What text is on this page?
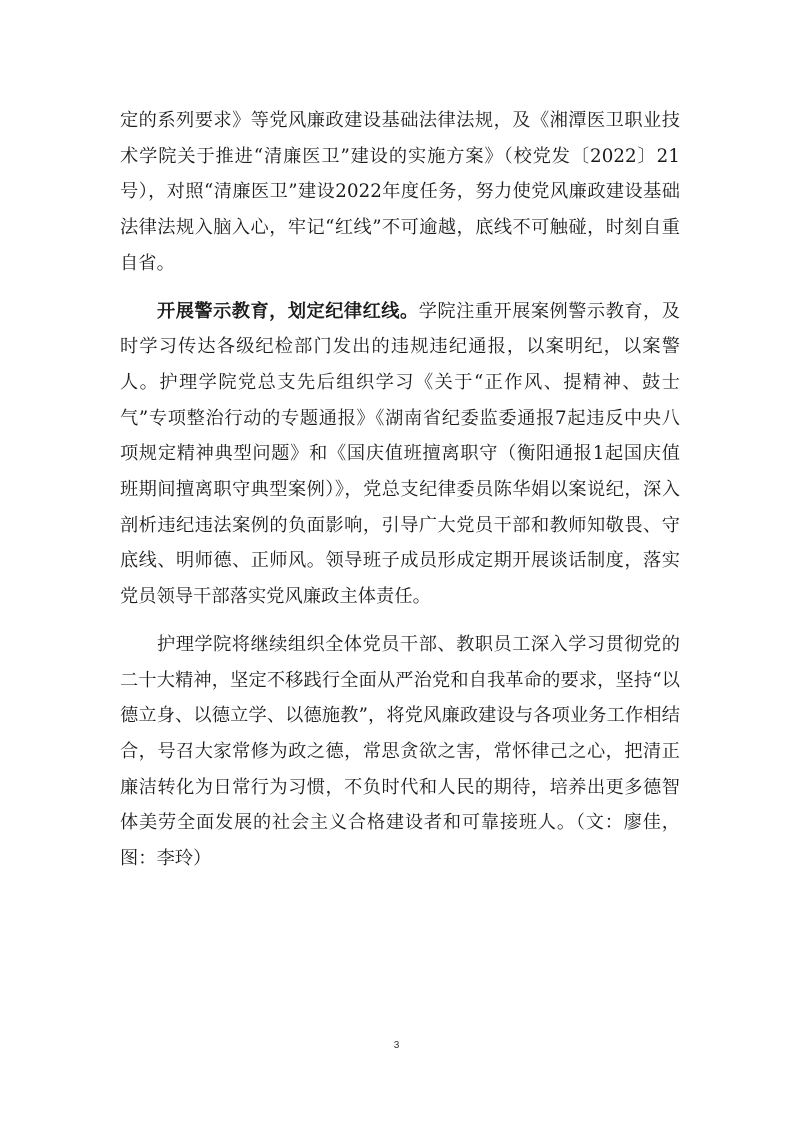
定的系列要求》等党风廉政建设基础法律法规，及《湘潭医卫职业技术学院关于推进“清廉医卫”建设的实施方案》（校党发〔2022〕21号），对照“清廉医卫”建设2022年度任务，努力使党风廉政建设基础法律法规入脑入心，牢记“红线”不可逾越，底线不可触碰，时刻自重自省。

开展警示教育，划定纪律红线。学院注重开展案例警示教育，及时学习传达各级纪检部门发出的违规违纪通报，以案明纪，以案警人。护理学院党总支先后组织学习《关于“正作风、提精神、鼓士气”专项整治行动的专题通报》《湖南省纪委监委通报7起违反中央八项规定精神典型问题》和《国庆值班擅离职守（衡阳通报1起国庆值班期间擅离职守典型案例）》，党总支纪律委员陈华娟以案说纪，深入剖析违纪违法案例的负面影响，引导广大党员干部和教师知敬畏、守底线、明师德、正师风。领导班子成员形成定期开展谈话制度，落实党员领导干部落实党风廉政主体责任。

护理学院将继续组织全体党员干部、教职员工深入学习贯彻党的二十大精神，坚定不移践行全面从严治党和自我革命的要求，坚持“以德立身、以德立学、以德施教”，将党风廉政建设与各项业务工作相结合，号召大家常修为政之德，常思贪欲之害，常怀律己之心，把清正廉洁转化为日常行为习惯，不负时代和人民的期待，培养出更多德智体美劳全面发展的社会主义合格建设者和可靠接班人。（文：廖佳，图：李玲）

3
